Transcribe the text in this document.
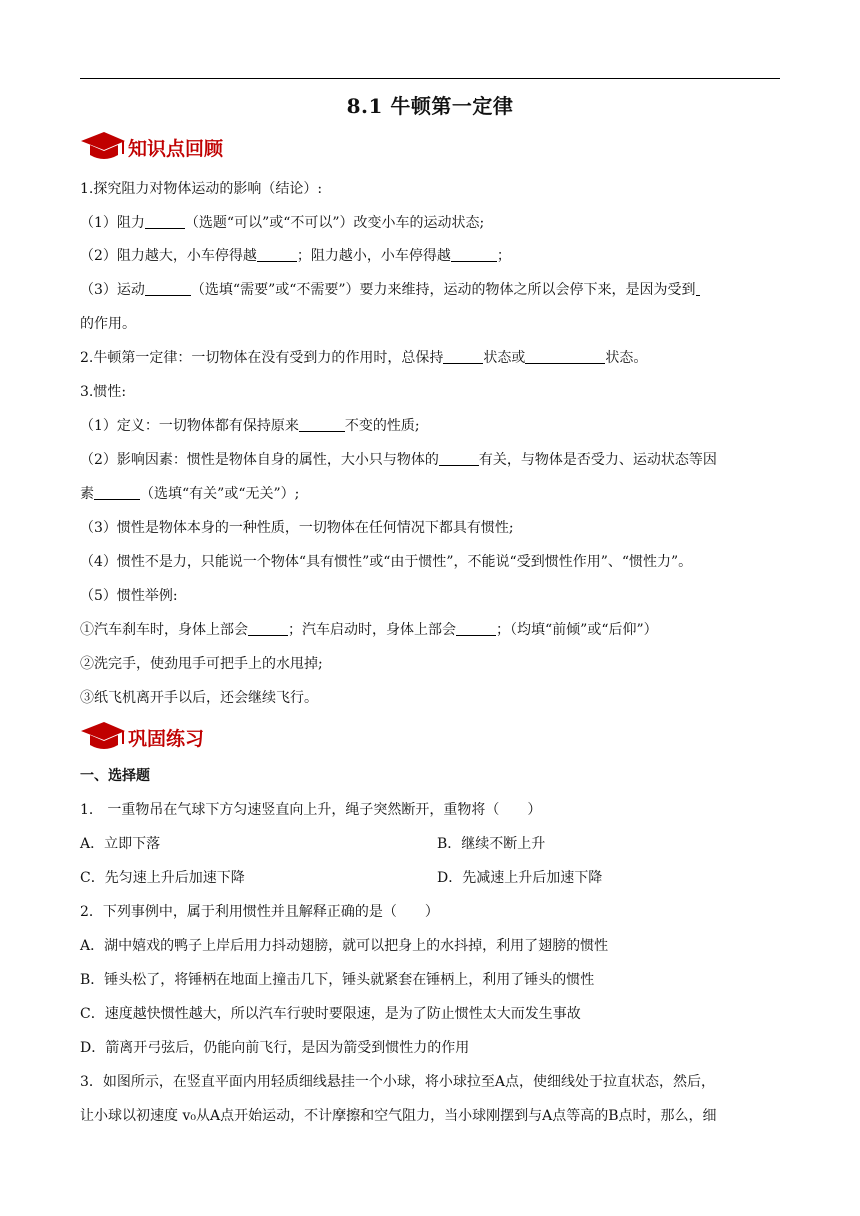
8.1 牛顿第一定律
知识点回顾
1.探究阻力对物体运动的影响（结论）:
（1）阻力	（选题“可以”或“不可以”）改变小车的运动状态;
（2）阻力越大，小车停得越	；阻力越小，小车停得越	；
（3）运动	（选填“需要”或“不需要”）要力来维持，运动的物体之所以会停下来，是因为受到
的作用。
2.牛顿第一定律：一切物体在没有受到力的作用时，总保持	状态或	状态。
3.惯性:
（1）定义：一切物体都有保持原来	不变的性质;
（2）影响因素：惯性是物体自身的属性，大小只与物体的	有关，与物体是否受力、运动状态等因
素	（选填“有关”或“无关”）;
（3）惯性是物体本身的一种性质，一切物体在任何情况下都具有惯性;
（4）惯性不是力，只能说一个物体“具有惯性”或“由于惯性”，不能说“受到惯性作用”、“惯性力”。
（5）惯性举例:
①汽车刹车时，身体上部会	；汽车启动时，身体上部会	；（均填“前倾”或“后仰”）
②洗完手，使劲甩手可把手上的水甩掉;
③纸飞机离开手以后，还会继续飞行。
巩固练习
一、选择题
1． 一重物吊在气球下方匀速竖直向上升，绳子突然断开，重物将（　　）
A．立即下落	B．继续不断上升
C．先匀速上升后加速下降	D．先减速上升后加速下降
2．下列事例中，属于利用惯性并且解释正确的是（　　）
A．湖中嬉戏的鸭子上岸后用力抖动翅膀，就可以把身上的水抖掉，利用了翅膀的惯性
B．锤头松了，将锤柄在地面上撞击几下，锤头就紧套在锤柄上，利用了锤头的惯性
C．速度越快惯性越大，所以汽车行驶时要限速，是为了防止惯性太大而发生事故
D．箭离开弓弦后，仍能向前飞行，是因为箭受到惯性力的作用
3．如图所示，在竖直平面内用轻质细线悬挂一个小球，将小球拉至A点，使细线处于拉直状态，然后，
让小球以初速度 v₀从A点开始运动，不计摩擦和空气阻力，当小球刚摆到与A点等高的B点时，那么，细
